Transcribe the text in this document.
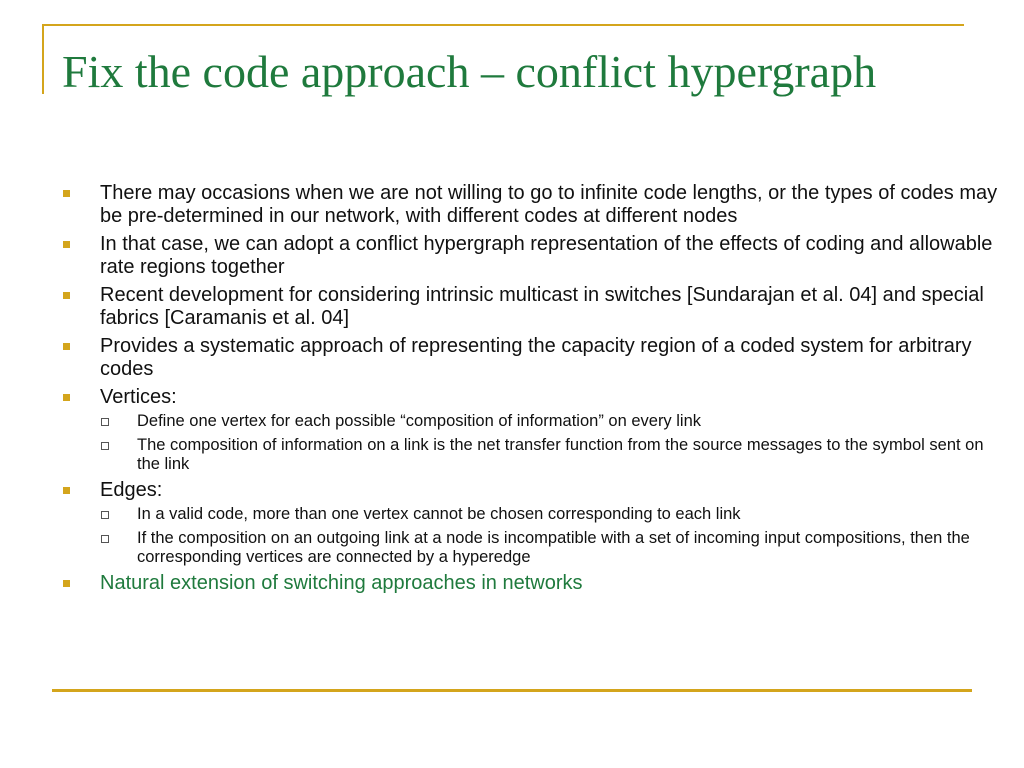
Fix the code approach – conflict hypergraph
There may occasions when we are not willing to go to infinite code lengths, or the types of codes may be pre-determined in our network, with different codes at different nodes
In that case, we can adopt a conflict hypergraph representation of the effects of coding and allowable rate regions together
Recent development for considering intrinsic multicast in switches [Sundarajan et al. 04] and special fabrics [Caramanis et al. 04]
Provides a systematic approach of representing the capacity region of a coded system for arbitrary codes
Vertices:
Define one vertex for each possible “composition of information” on every link
The composition of information on a link is the net transfer function from the source messages to the symbol sent on the link
Edges:
In a valid code, more than one vertex cannot be chosen corresponding to each link
If the composition on an outgoing link at a node is incompatible with a set of incoming input compositions, then the corresponding vertices are connected by a hyperedge
Natural extension of switching approaches in networks
